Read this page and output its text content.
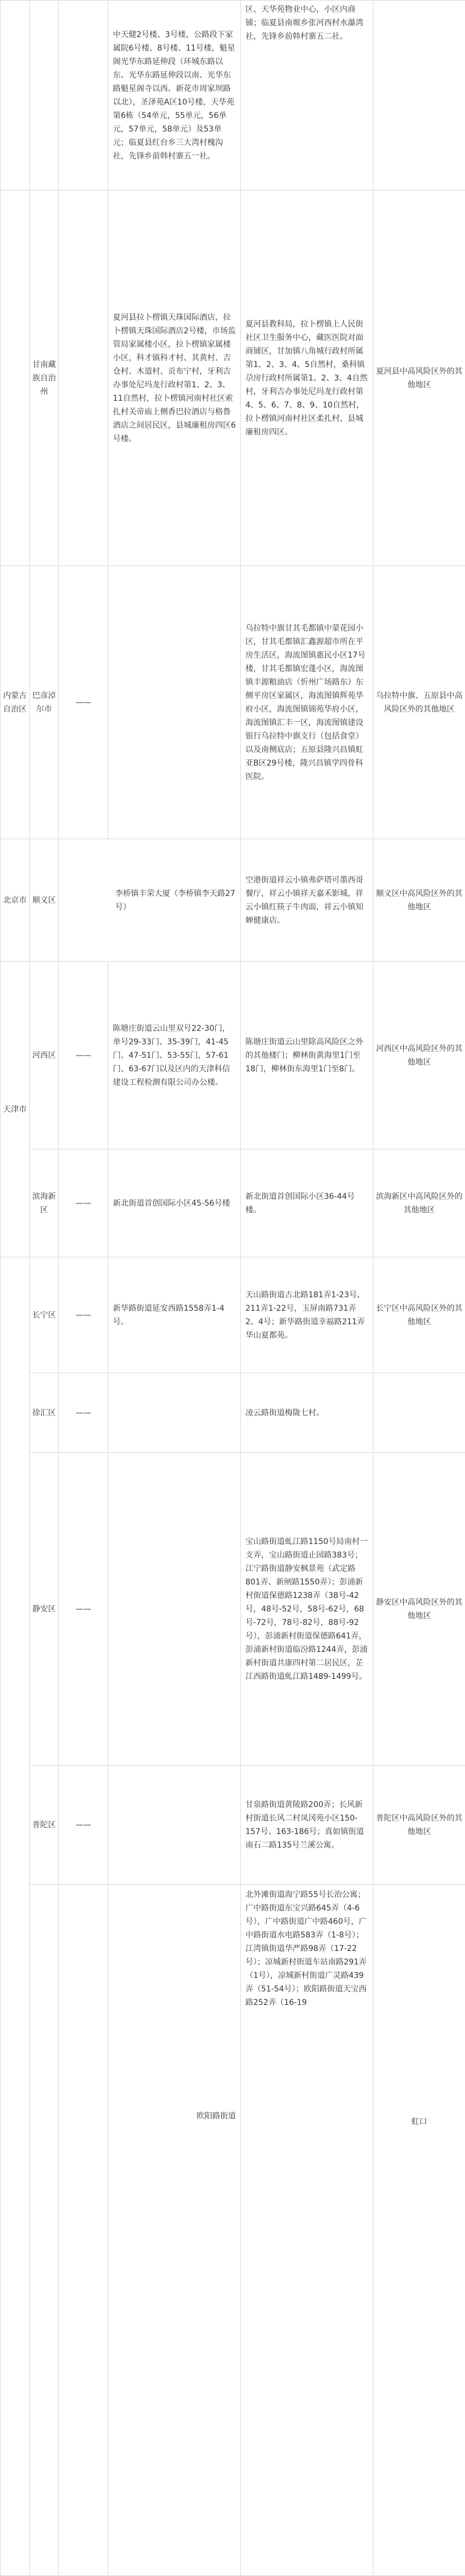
			中天健2号楼、3号楼，公路段下家属院6号楼、8号楼、11号楼，魁星阁光华东路延伸段（环城东路以东、光华东路延伸段以南、光华东路魁星阁寺以西、新花市周家坝路以北），圣泽苑A区10号楼，天华苑第6栋（54单元，55单元，56单元，57单元，58单元）及53单元；临夏县红台乡三大湾村槐沟社，先锋乡前韩村寨五一社。	区、天华苑物业中心，小区内商铺；临夏县南塬乡张河西村水瀑湾社，先锋乡前韩村寨五二社。	
	甘南藏族自治州		夏河县拉卜楞镇天珠国际酒店，拉卜楞镇天珠国际酒店2号楼，市场监管局家属楼小区，拉卜楞镇家属楼小区，科才镇科才村、其黄村、吉仓村、木道村、贡布宁村，牙利吉办事处尼玛龙行政村第1、2、3、11自然村，拉卜楞镇河南村社区索扎村关帝庙上侧香巴拉酒店与格鲁酒店之间居民区，县城廉租房四区6号楼。	夏河县教科局，拉卜楞镇上人民街社区卫生服务中心，藏医医院对面商铺区，甘加镇八角城行政村所属第1、2、3、4、5自然村，桑科镇尕房行政村所属第1、2、3、4自然村，牙利吉办事处尼玛龙行政村第4、5、6、7、8、9、10自然村，拉卜楞镇河南村社区柔扎村，县城廉租房四区。	夏河县中高风险区外的其他地区
内蒙古自治区	巴彦淖尔市	——		乌拉特中旗甘其毛都镇中蒙花园小区，甘其毛都镇汇鑫源超市所在平房生活区，海流图镇惠民小区17号楼，甘其毛都镇宏蓬小区，海流图镇丰源粮油店（忻州广场路东）东侧平房区家属区，海流图镇辉苑华府小区，海流图镇锦苑华府小区，海流图镇汇丰一区，海流图镇建设银行乌拉特中旗支行（包括食堂）以及南侧底店；五原县隆兴昌镇虹亚B区29号楼，隆兴昌镇学四骨科医院。	乌拉特中旗、五原县中高风险区外的其他地区
北京市	顺义区	李桥镇丰荣大厦（李桥镇李天路27号）		空港街道祥云小镇弗萨塔可墨西哥餐厅，祥云小镇祥天嘉禾影城，祥云小镇红筷子牛肉面，祥云小镇知蝉健康店。	顺义区中高风险区外的其他地区
天津市	河西区	——	陈塘庄街道云山里双号22-30门，单号29-33门、35-39门，41-45门、47-51门、53-55门，57-61门、63-67门以及区内的天津科信建设工程检测有限公司办公楼。	陈塘庄街道云山里除高风险区之外的其他楼门；柳林街黄海里1门至18门，柳林街东海里1门至8门。	河西区中高风险区外的其他地区
	滨海新区	——	新北街道首创国际小区45-56号楼	新北街道首创国际小区36-44号楼。	滨海新区中高风险区外的其他地区
	长宁区	——	新华路街道延安西路1558弄1-4号。	天山路街道古北路181弄1-23号、211弄1-22号，玉屏南路731弄2、4号；新华路街道幸福路211弄华山夏都苑。	长宁区中高风险区外的其他地区
	徐汇区	——		凌云路街道梅陇七村。	
	静安区	——		宝山路街道虬江路1150号局南村一支弄，宝山路街道止园路383号；江宁路街道静安枫景苑（武定路801弄、新闸路1550弄）；彭浦新村街道保德路1238弄（38号-42号，48号-52号，58号-62号，68号-72号，78号-82号，88号-92号），彭浦新村街道保德路641弄，彭浦新村街道临汾路1244弄，彭浦新村街道共康四村第二居民区，芷江西路街道虬江路1489-1499号。	静安区中高风险区外的其他地区
	普陀区	——		甘泉路街道黄陵路200弄；长风新村街道长风二村凤冈苑小区150-157号、163-186号；真如镇街道南石二路135号兰溪公寓。	普陀区中高风险区外的其他地区
			欧阳路街道	北外滩街道海宁路55号长治公寓；广中路街道东宝兴路645弄（4-6号），广中路街道广中路460号，广中路街道水电路583弄（1-8号）；江湾镇街道华严路98弄（17-22号）；凉城新村街道车站南路291弄（1号），凉城新村街道广灵路439弄（51-54号）；欧阳路街道天宝西路252弄（16-19	虹口
